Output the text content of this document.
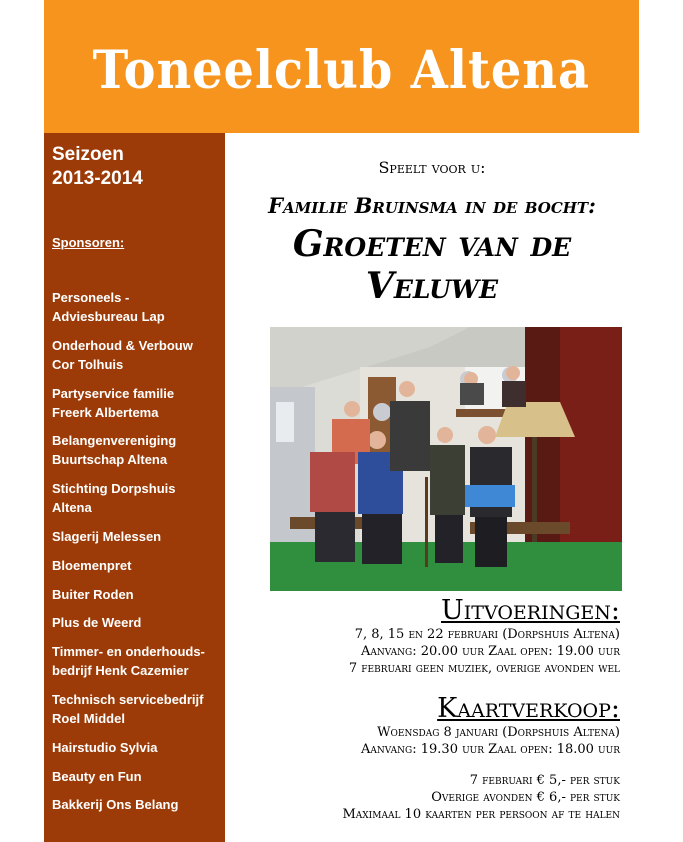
Toneelclub Altena
Seizoen
2013-2014
Sponsoren:
Personeels -
Adviesbureau Lap
Onderhoud & Verbouw
Cor Tolhuis
Partyservice familie
Freerk Albertema
Belangenvereniging
Buurtschap Altena
Stichting Dorpshuis
Altena
Slagerij Melessen
Bloemenpret
Buiter Roden
Plus de Weerd
Timmer- en onderhouds-
bedrijf Henk Cazemier
Technisch servicebedrijf
Roel Middel
Hairstudio Sylvia
Beauty en Fun
Bakkerij Ons Belang
Speelt voor u:
Familie Bruinsma in de bocht:
Groeten van de
Veluwe
Uitvoeringen:
7, 8, 15 en 22 februari (Dorpshuis Altena)
Aanvang: 20.00 uur Zaal open: 19.00 uur
7 februari geen muziek, overige avonden wel
Kaartverkoop:
Woensdag 8 januari (Dorpshuis Altena)
Aanvang: 19.30 uur Zaal open: 18.00 uur
7 februari € 5,- per stuk
Overige avonden € 6,- per stuk
Maximaal 10 kaarten per persoon af te halen
